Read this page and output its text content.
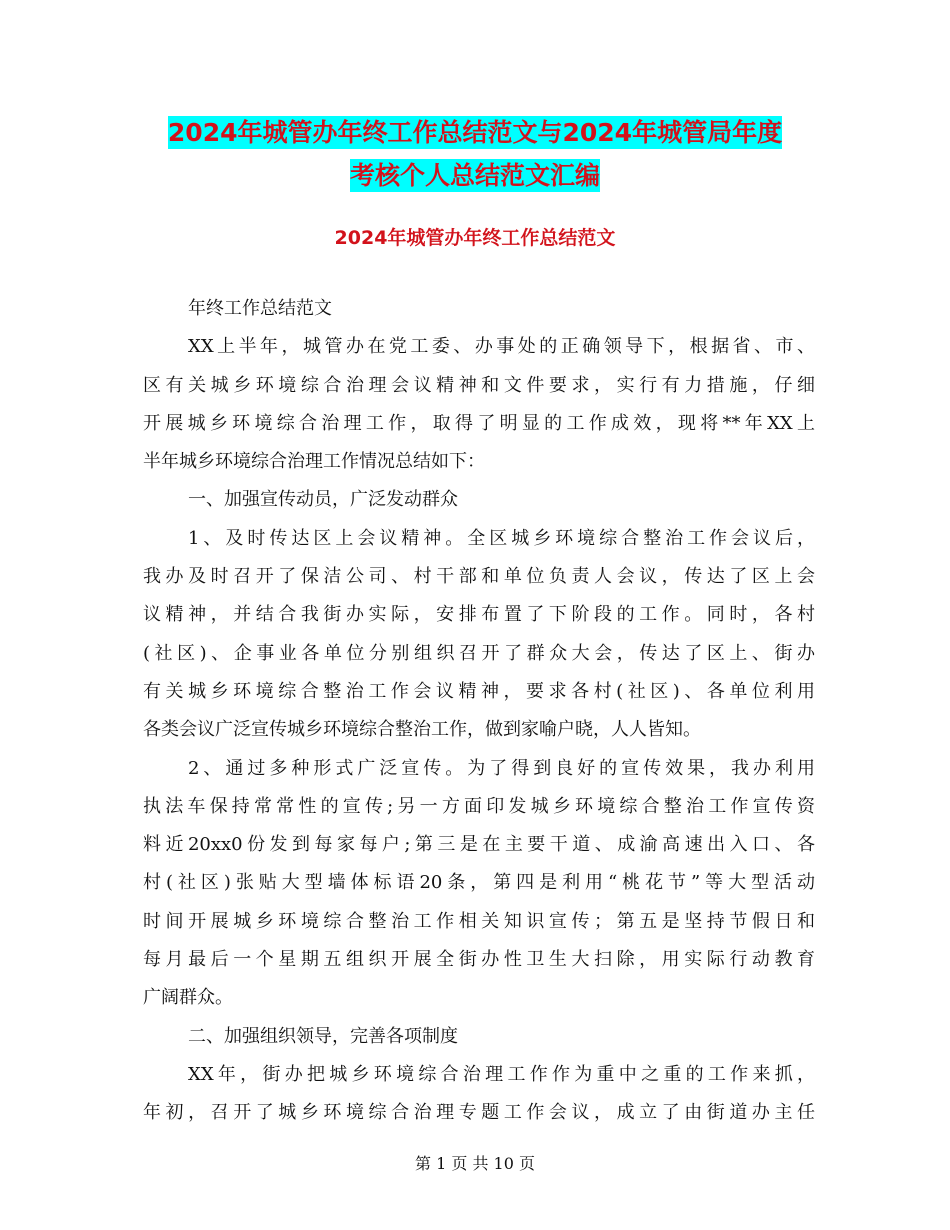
2024年城管办年终工作总结范文与2024年城管局年度
考核个人总结范文汇编
2024年城管办年终工作总结范文
年终工作总结范文
XX上半年，城管办在党工委、办事处的正确领导下，根据省、市、
区有关城乡环境综合治理会议精神和文件要求，实行有力措施，仔细
开展城乡环境综合治理工作，取得了明显的工作成效，现将**年XX上
半年城乡环境综合治理工作情况总结如下：
一、加强宣传动员，广泛发动群众
1、及时传达区上会议精神。全区城乡环境综合整治工作会议后，
我办及时召开了保洁公司、村干部和单位负责人会议，传达了区上会
议精神，并结合我街办实际，安排布置了下阶段的工作。同时，各村
(社区)、企事业各单位分别组织召开了群众大会，传达了区上、街办
有关城乡环境综合整治工作会议精神，要求各村(社区)、各单位利用
各类会议广泛宣传城乡环境综合整治工作，做到家喻户晓，人人皆知。
2、通过多种形式广泛宣传。为了得到良好的宣传效果，我办利用
执法车保持常常性的宣传;另一方面印发城乡环境综合整治工作宣传资
料近20xx0份发到每家每户;第三是在主要干道、成渝高速出入口、各
村(社区)张贴大型墙体标语20条，第四是利用“桃花节”等大型活动
时间开展城乡环境综合整治工作相关知识宣传；第五是坚持节假日和
每月最后一个星期五组织开展全街办性卫生大扫除，用实际行动教育
广阔群众。
二、加强组织领导，完善各项制度
XX年，街办把城乡环境综合治理工作作为重中之重的工作来抓，
年初，召开了城乡环境综合治理专题工作会议，成立了由街道办主任
第 1 页 共 10 页
